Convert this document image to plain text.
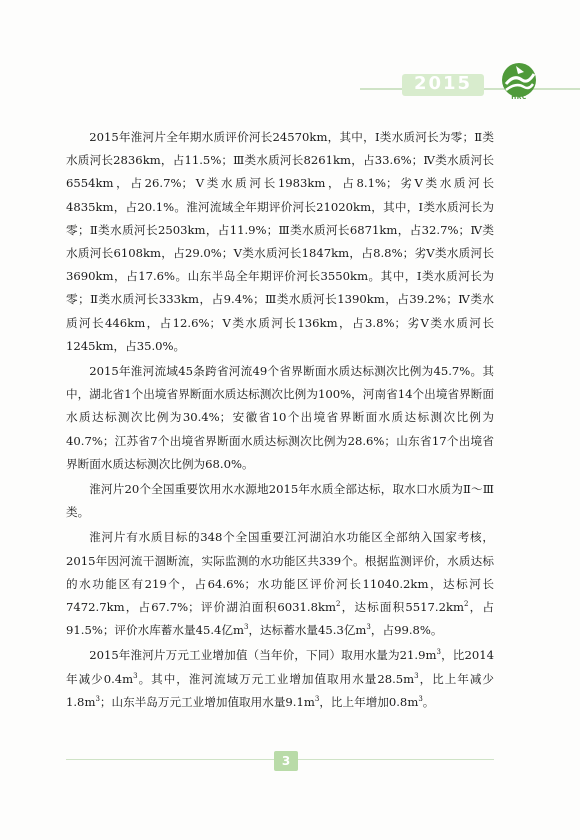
2015
HRC

2015年淮河片全年期水质评价河长24570km，其中，Ⅰ类水质河长为零；Ⅱ类水质河长2836km，占11.5%；Ⅲ类水质河长8261km，占33.6%；Ⅳ类水质河长6554km，占26.7%；Ⅴ类水质河长1983km，占8.1%；劣Ⅴ类水质河长4835km，占20.1%。淮河流域全年期评价河长21020km，其中，Ⅰ类水质河长为零；Ⅱ类水质河长2503km，占11.9%；Ⅲ类水质河长6871km，占32.7%；Ⅳ类水质河长6108km，占29.0%；Ⅴ类水质河长1847km，占8.8%；劣Ⅴ类水质河长3690km，占17.6%。山东半岛全年期评价河长3550km。其中，Ⅰ类水质河长为零；Ⅱ类水质河长333km，占9.4%；Ⅲ类水质河长1390km，占39.2%；Ⅳ类水质河长446km，占12.6%；Ⅴ类水质河长136km，占3.8%；劣Ⅴ类水质河长1245km，占35.0%。

2015年淮河流域45条跨省河流49个省界断面水质达标测次比例为45.7%。其中，湖北省1个出境省界断面水质达标测次比例为100%，河南省14个出境省界断面水质达标测次比例为30.4%；安徽省10个出境省界断面水质达标测次比例为40.7%；江苏省7个出境省界断面水质达标测次比例为28.6%；山东省17个出境省界断面水质达标测次比例为68.0%。

淮河片20个全国重要饮用水水源地2015年水质全部达标，取水口水质为Ⅱ～Ⅲ类。

淮河片有水质目标的348个全国重要江河湖泊水功能区全部纳入国家考核，2015年因河流干涸断流，实际监测的水功能区共339个。根据监测评价，水质达标的水功能区有219个，占64.6%；水功能区评价河长11040.2km，达标河长7472.7km，占67.7%；评价湖泊面积$6031.8km^2$，达标面积$5517.2km^2$，占91.5%；评价水库蓄水量45.4亿$m^3$，达标蓄水量45.3亿$m^3$，占99.8%。

2015年淮河片万元工业增加值（当年价，下同）取用水量为$21.9m^3$，比2014年减少$0.4m^3$。其中，淮河流域万元工业增加值取用水量$28.5m^3$，比上年减少$1.8m^3$；山东半岛万元工业增加值取用水量$9.1m^3$，比上年增加$0.8m^3$。

3
